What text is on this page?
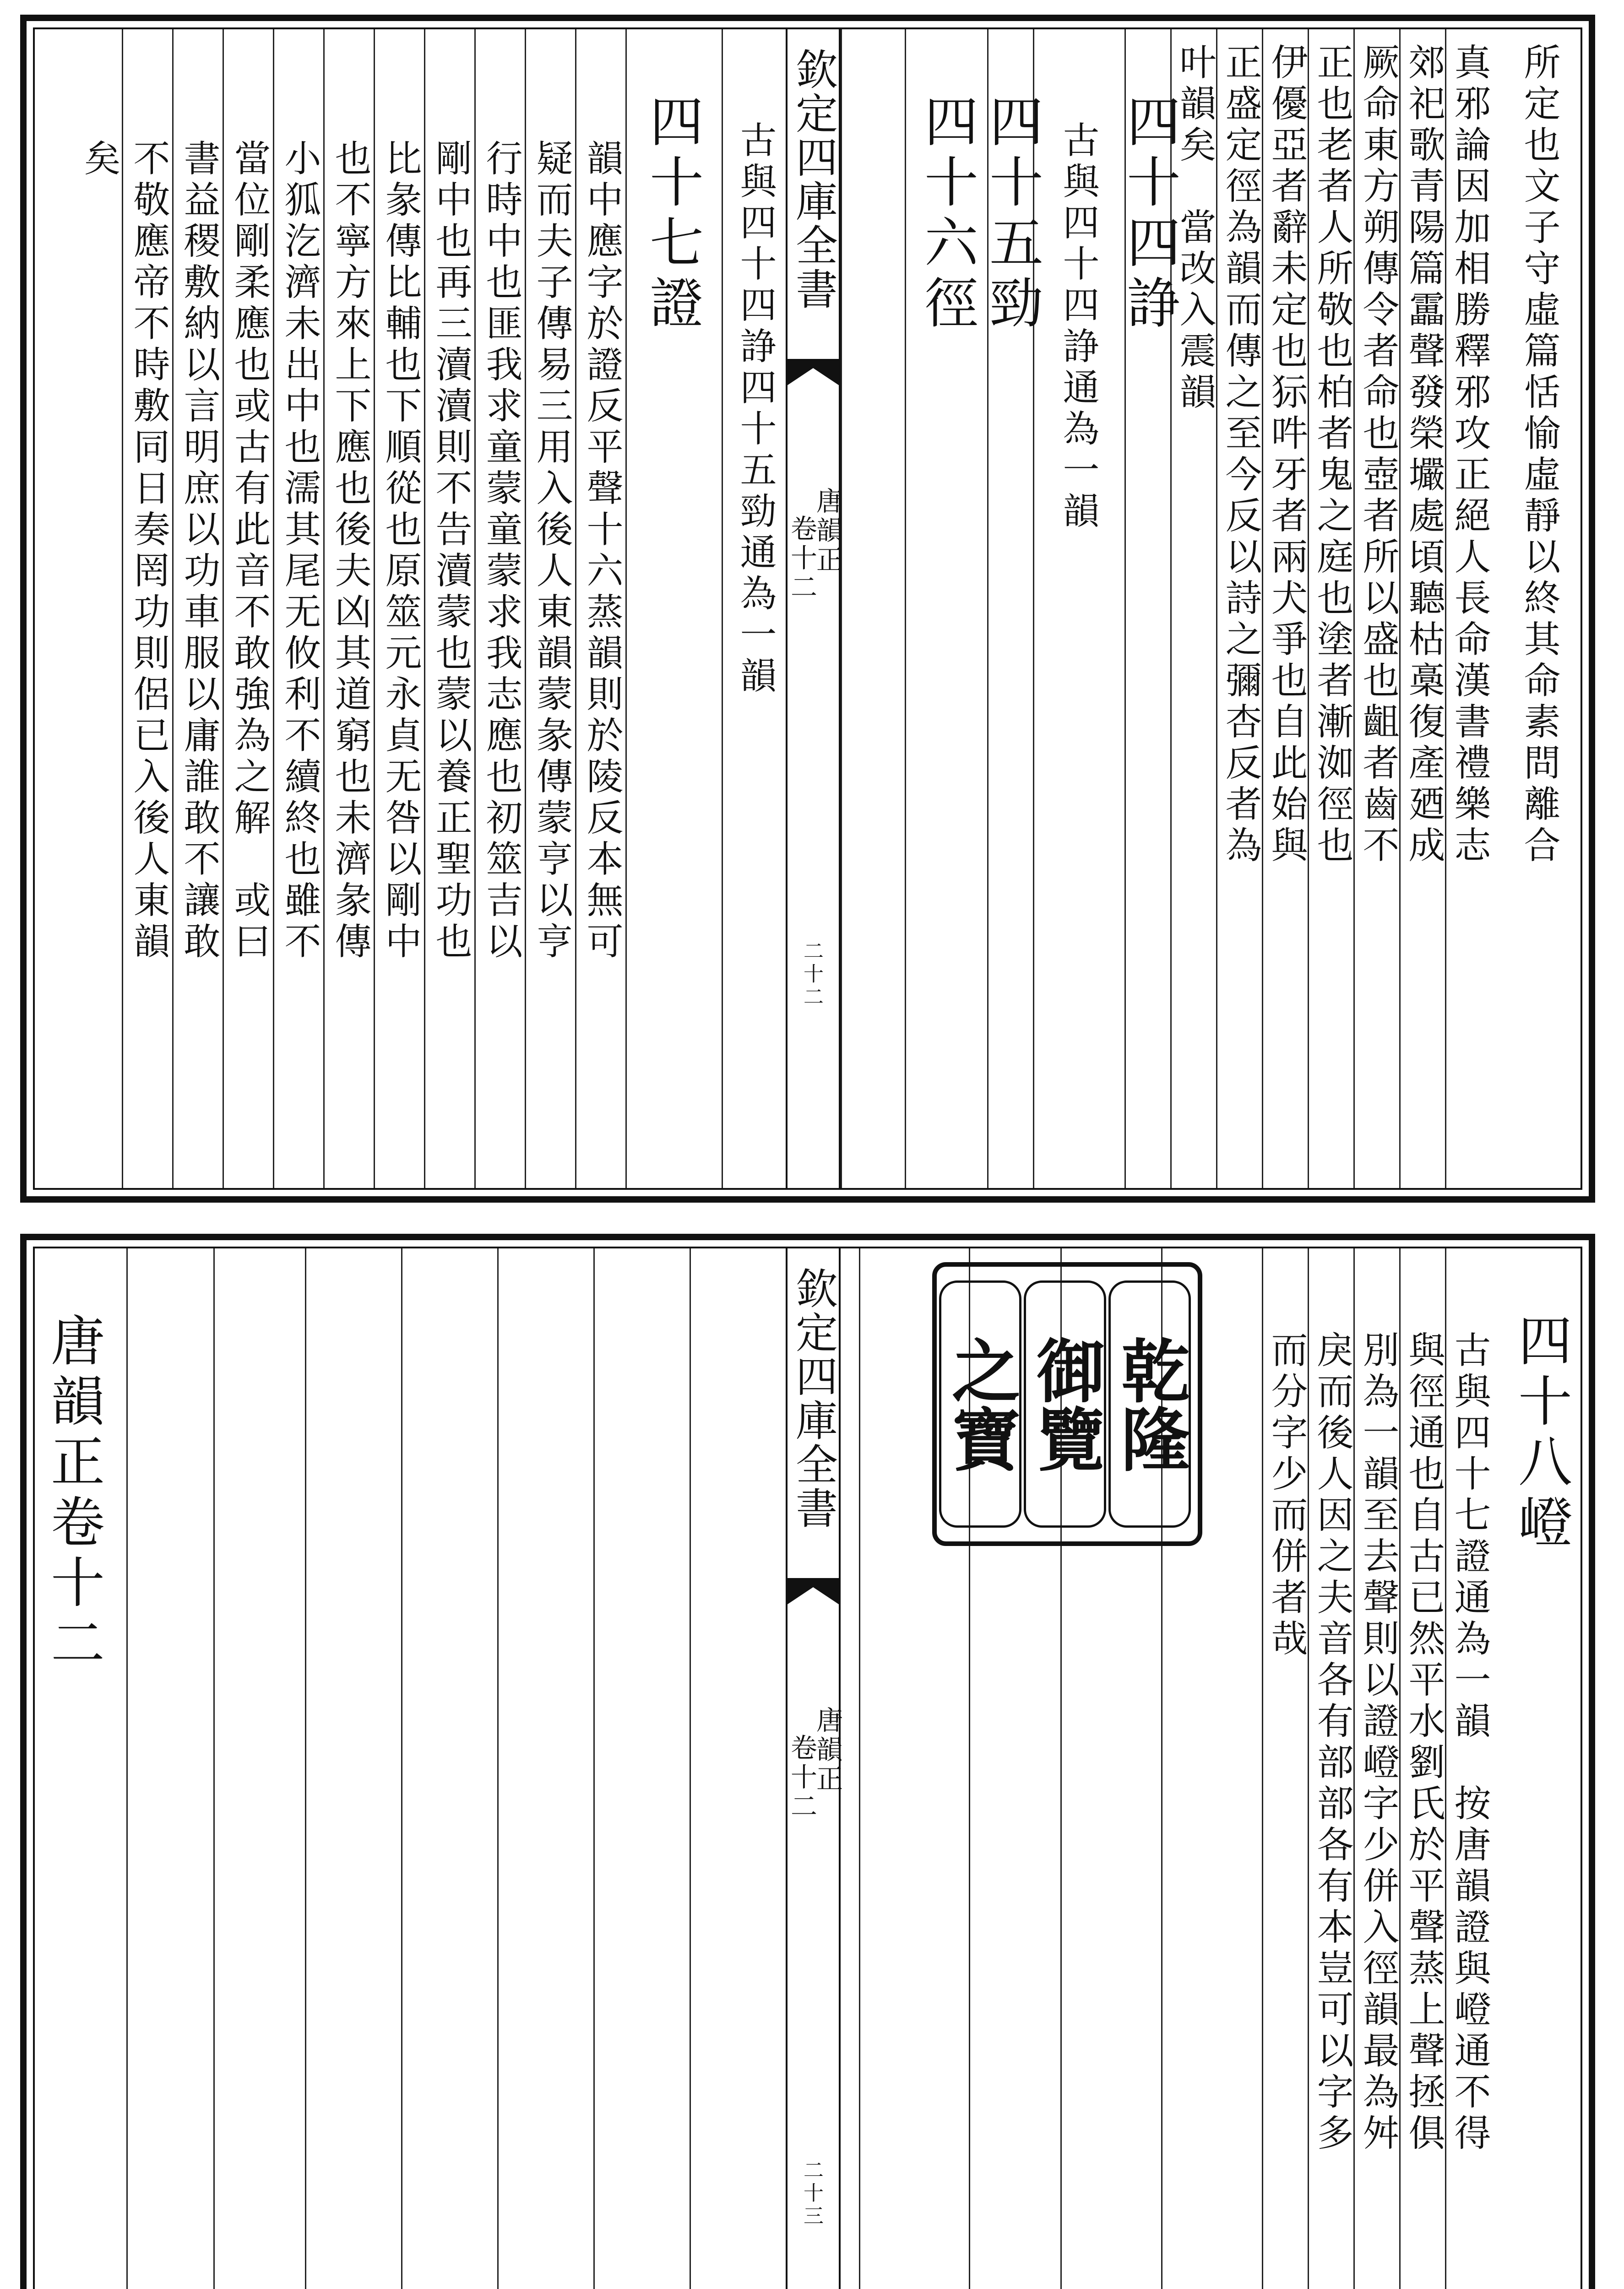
所定也文子守虛篇恬愉虛靜以終其命素問離合
真邪論因加相勝釋邪攻正絕人長命漢書禮樂志
郊祀歌青陽篇靁聲發榮壧處頃聽枯槀復產廼成
厥命東方朔傳令者命也壺者所以盛也齟者齒不
正也老者人所敬也柏者鬼之庭也塗者漸洳徑也
伊優亞者辭未定也狋吽牙者兩犬爭也自此始與
正盛定徑為韻而傳之至今反以詩之彌杏反者為
叶韻矣　當改入震韻
四十四諍
古與四十四諍通為一韻
四十五勁
四十六徑
欽定四庫全書
唐韻正
卷十二
二十二
古與四十四諍四十五勁通為一韻
四十七證
韻中應字於證反平聲十六蒸韻則於陵反本無可
疑而夫子傳易三用入後人東韻蒙彖傳蒙亨以亨
行時中也匪我求童蒙童蒙求我志應也初筮吉以
剛中也再三瀆瀆則不告瀆蒙也蒙以養正聖功也
比彖傳比輔也下順從也原筮元永貞无咎以剛中
也不寧方來上下應也後夫凶其道窮也未濟彖傳
小狐汔濟未出中也濡其尾无攸利不續終也雖不
當位剛柔應也或古有此音不敢強為之解　或曰
書益稷敷納以言明庶以功車服以庸誰敢不讓敢
不敬應帝不時敷同日奏罔功則侶已入後人東韻
矣
四十八嶝
古與四十七證通為一韻　按唐韻證與嶝通不得
與徑通也自古已然平水劉氏於平聲蒸上聲拯俱
別為一韻至去聲則以證嶝字少併入徑韻最為舛
戾而後人因之夫音各有部部各有本豈可以字多
而分字少而併者哉
乾
隆
御
覽
之
寶
欽定四庫全書
唐韻正
卷十二
二十三
唐韻正卷十二
